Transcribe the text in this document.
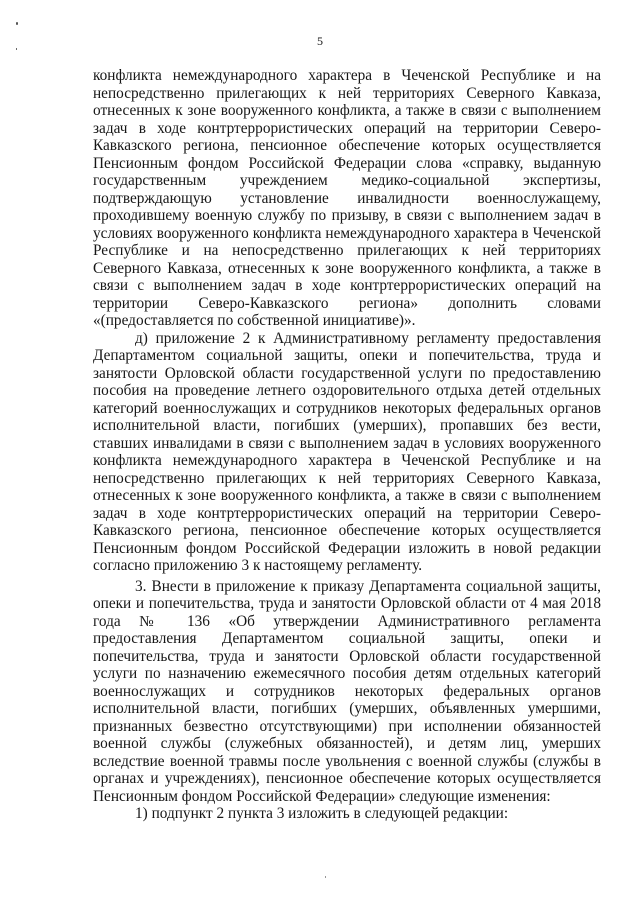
5

конфликта немеждународного характера в Чеченской Республике и на непосредственно прилегающих к ней территориях Северного Кавказа, отнесенных к зоне вооруженного конфликта, а также в связи с выполнением задач в ходе контртеррористических операций на территории Северо-Кавказского региона, пенсионное обеспечение которых осуществляется Пенсионным фондом Российской Федерации слова «справку, выданную государственным учреждением медико-социальной экспертизы, подтверждающую установление инвалидности военнослужащему, проходившему военную службу по призыву, в связи с выполнением задач в условиях вооруженного конфликта немеждународного характера в Чеченской Республике и на непосредственно прилегающих к ней территориях Северного Кавказа, отнесенных к зоне вооруженного конфликта, а также в связи с выполнением задач в ходе контртеррористических операций на территории Северо-Кавказского региона» дополнить словами «(предоставляется по собственной инициативе)».

д) приложение 2 к Административному регламенту предоставления Департаментом социальной защиты, опеки и попечительства, труда и занятости Орловской области государственной услуги по предоставлению пособия на проведение летнего оздоровительного отдыха детей отдельных категорий военнослужащих и сотрудников некоторых федеральных органов исполнительной власти, погибших (умерших), пропавших без вести, ставших инвалидами в связи с выполнением задач в условиях вооруженного конфликта немеждународного характера в Чеченской Республике и на непосредственно прилегающих к ней территориях Северного Кавказа, отнесенных к зоне вооруженного конфликта, а также в связи с выполнением задач в ходе контртеррористических операций на территории Северо-Кавказского региона, пенсионное обеспечение которых осуществляется Пенсионным фондом Российской Федерации изложить в новой редакции согласно приложению 3 к настоящему регламенту.

3. Внести в приложение к приказу Департамента социальной защиты, опеки и попечительства, труда и занятости Орловской области от 4 мая 2018 года № 136 «Об утверждении Административного регламента предоставления Департаментом социальной защиты, опеки и попечительства, труда и занятости Орловской области государственной услуги по назначению ежемесячного пособия детям отдельных категорий военнослужащих и сотрудников некоторых федеральных органов исполнительной власти, погибших (умерших, объявленных умершими, признанных безвестно отсутствующими) при исполнении обязанностей военной службы (служебных обязанностей), и детям лиц, умерших вследствие военной травмы после увольнения с военной службы (службы в органах и учреждениях), пенсионное обеспечение которых осуществляется Пенсионным фондом Российской Федерации» следующие изменения:

1) подпункт 2 пункта 3 изложить в следующей редакции:
